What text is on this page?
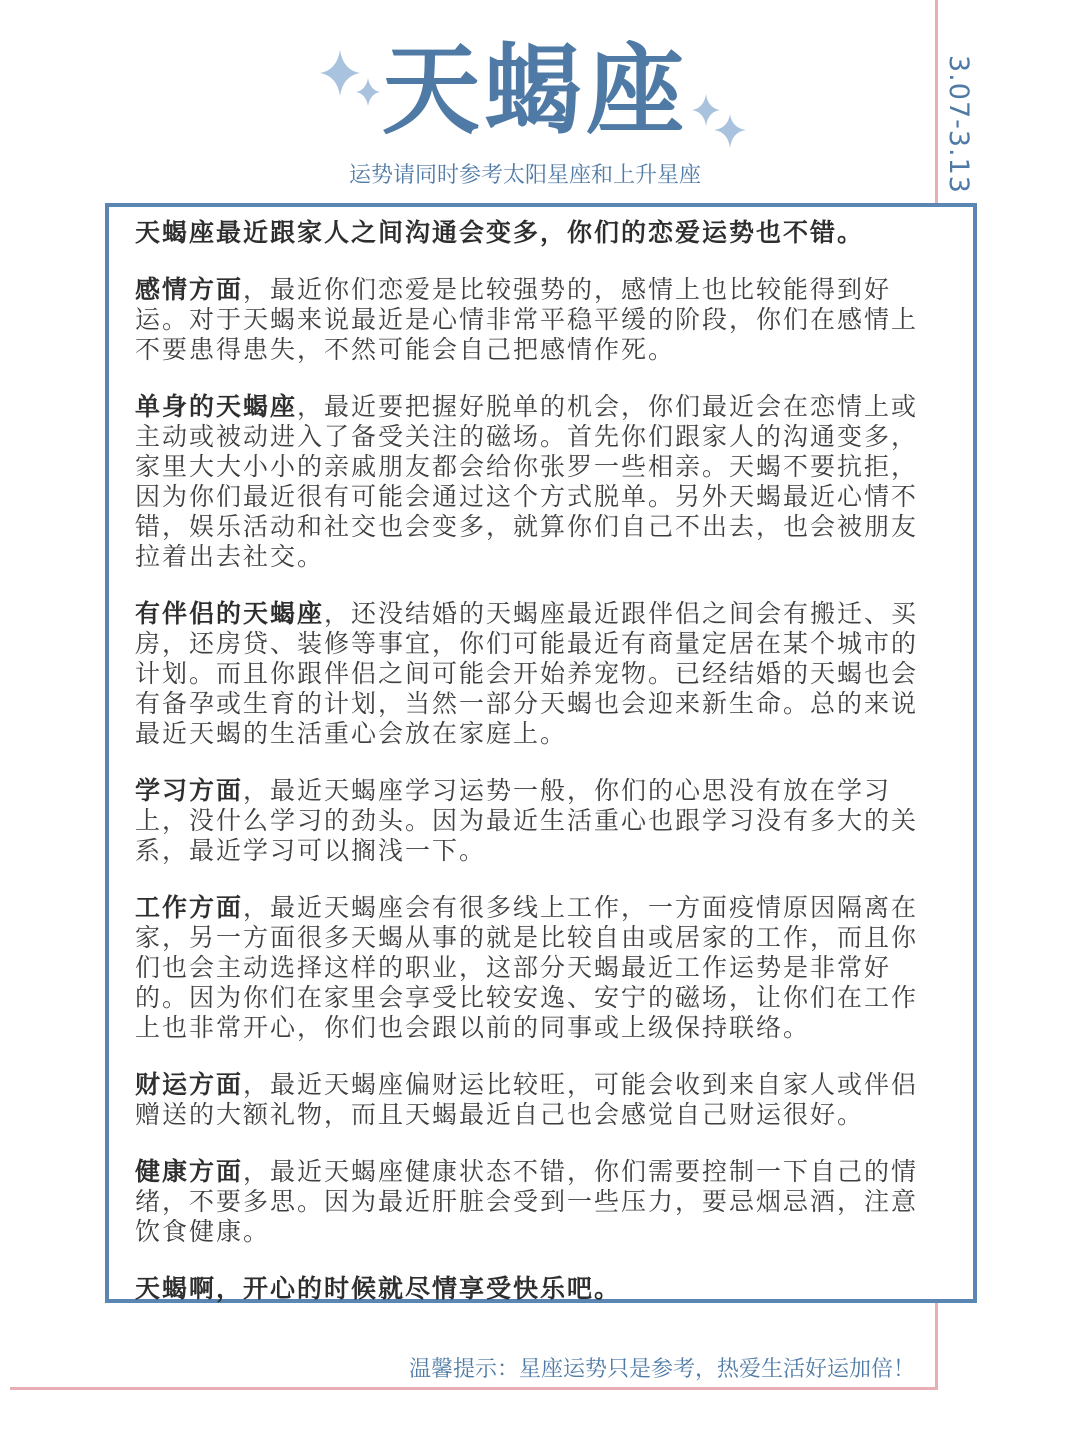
3.07-3.13
天蝎座
运势请同时参考太阳星座和上升星座

天蝎座最近跟家人之间沟通会变多，你们的恋爱运势也不错。

感情方面，最近你们恋爱是比较强势的，感情上也比较能得到好运。对于天蝎来说最近是心情非常平稳平缓的阶段，你们在感情上不要患得患失，不然可能会自己把感情作死。

单身的天蝎座，最近要把握好脱单的机会，你们最近会在恋情上或主动或被动进入了备受关注的磁场。首先你们跟家人的沟通变多，家里大大小小的亲戚朋友都会给你张罗一些相亲。天蝎不要抗拒，因为你们最近很有可能会通过这个方式脱单。另外天蝎最近心情不错，娱乐活动和社交也会变多，就算你们自己不出去，也会被朋友拉着出去社交。

有伴侣的天蝎座，还没结婚的天蝎座最近跟伴侣之间会有搬迁、买房，还房贷、装修等事宜，你们可能最近有商量定居在某个城市的计划。而且你跟伴侣之间可能会开始养宠物。已经结婚的天蝎也会有备孕或生育的计划，当然一部分天蝎也会迎来新生命。总的来说最近天蝎的生活重心会放在家庭上。

学习方面，最近天蝎座学习运势一般，你们的心思没有放在学习上，没什么学习的劲头。因为最近生活重心也跟学习没有多大的关系，最近学习可以搁浅一下。

工作方面，最近天蝎座会有很多线上工作，一方面疫情原因隔离在家，另一方面很多天蝎从事的就是比较自由或居家的工作，而且你们也会主动选择这样的职业，这部分天蝎最近工作运势是非常好的。因为你们在家里会享受比较安逸、安宁的磁场，让你们在工作上也非常开心，你们也会跟以前的同事或上级保持联络。

财运方面，最近天蝎座偏财运比较旺，可能会收到来自家人或伴侣赠送的大额礼物，而且天蝎最近自己也会感觉自己财运很好。

健康方面，最近天蝎座健康状态不错，你们需要控制一下自己的情绪，不要多思。因为最近肝脏会受到一些压力，要忌烟忌酒，注意饮食健康。

天蝎啊，开心的时候就尽情享受快乐吧。

温馨提示：星座运势只是参考，热爱生活好运加倍！
